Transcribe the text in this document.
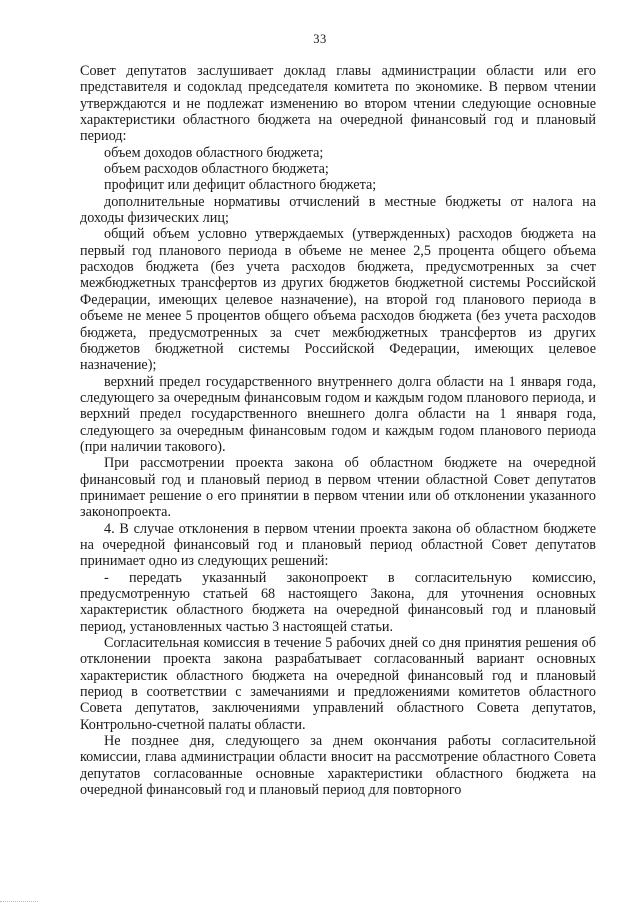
33

Совет депутатов заслушивает доклад главы администрации области или его представителя и содоклад председателя комитета по экономике. В первом чтении утверждаются и не подлежат изменению во втором чтении следующие основные характеристики областного бюджета на очередной финансовый год и плановый период:

объем доходов областного бюджета;

объем расходов областного бюджета;

профицит или дефицит областного бюджета;

дополнительные нормативы отчислений в местные бюджеты от налога на доходы физических лиц;

общий объем условно утверждаемых (утвержденных) расходов бюджета на первый год планового периода в объеме не менее 2,5 процента общего объема расходов бюджета (без учета расходов бюджета, предусмотренных за счет межбюджетных трансфертов из других бюджетов бюджетной системы Российской Федерации, имеющих целевое назначение), на второй год планового периода в объеме не менее 5 процентов общего объема расходов бюджета (без учета расходов бюджета, предусмотренных за счет межбюджетных трансфертов из других бюджетов бюджетной системы Российской Федерации, имеющих целевое назначение);

верхний предел государственного внутреннего долга области на 1 января года, следующего за очередным финансовым годом и каждым годом планового периода, и верхний предел государственного внешнего долга области на 1 января года, следующего за очередным финансовым годом и каждым годом планового периода (при наличии такового).

При рассмотрении проекта закона об областном бюджете на очередной финансовый год и плановый период в первом чтении областной Совет депутатов принимает решение о его принятии в первом чтении или об отклонении указанного законопроекта.

4. В случае отклонения в первом чтении проекта закона об областном бюджете на очередной финансовый год и плановый период областной Совет депутатов принимает одно из следующих решений:

- передать указанный законопроект в согласительную комиссию, предусмотренную статьей 68 настоящего Закона, для уточнения основных характеристик областного бюджета на очередной финансовый год и плановый период, установленных частью 3 настоящей статьи.

Согласительная комиссия в течение 5 рабочих дней со дня принятия решения об отклонении проекта закона разрабатывает согласованный вариант основных характеристик областного бюджета на очередной финансовый год и плановый период в соответствии с замечаниями и предложениями комитетов областного Совета депутатов, заключениями управлений областного Совета депутатов, Контрольно-счетной палаты области.

Не позднее дня, следующего за днем окончания работы согласительной комиссии, глава администрации области вносит на рассмотрение областного Совета депутатов согласованные основные характеристики областного бюджета на очередной финансовый год и плановый период для повторного
